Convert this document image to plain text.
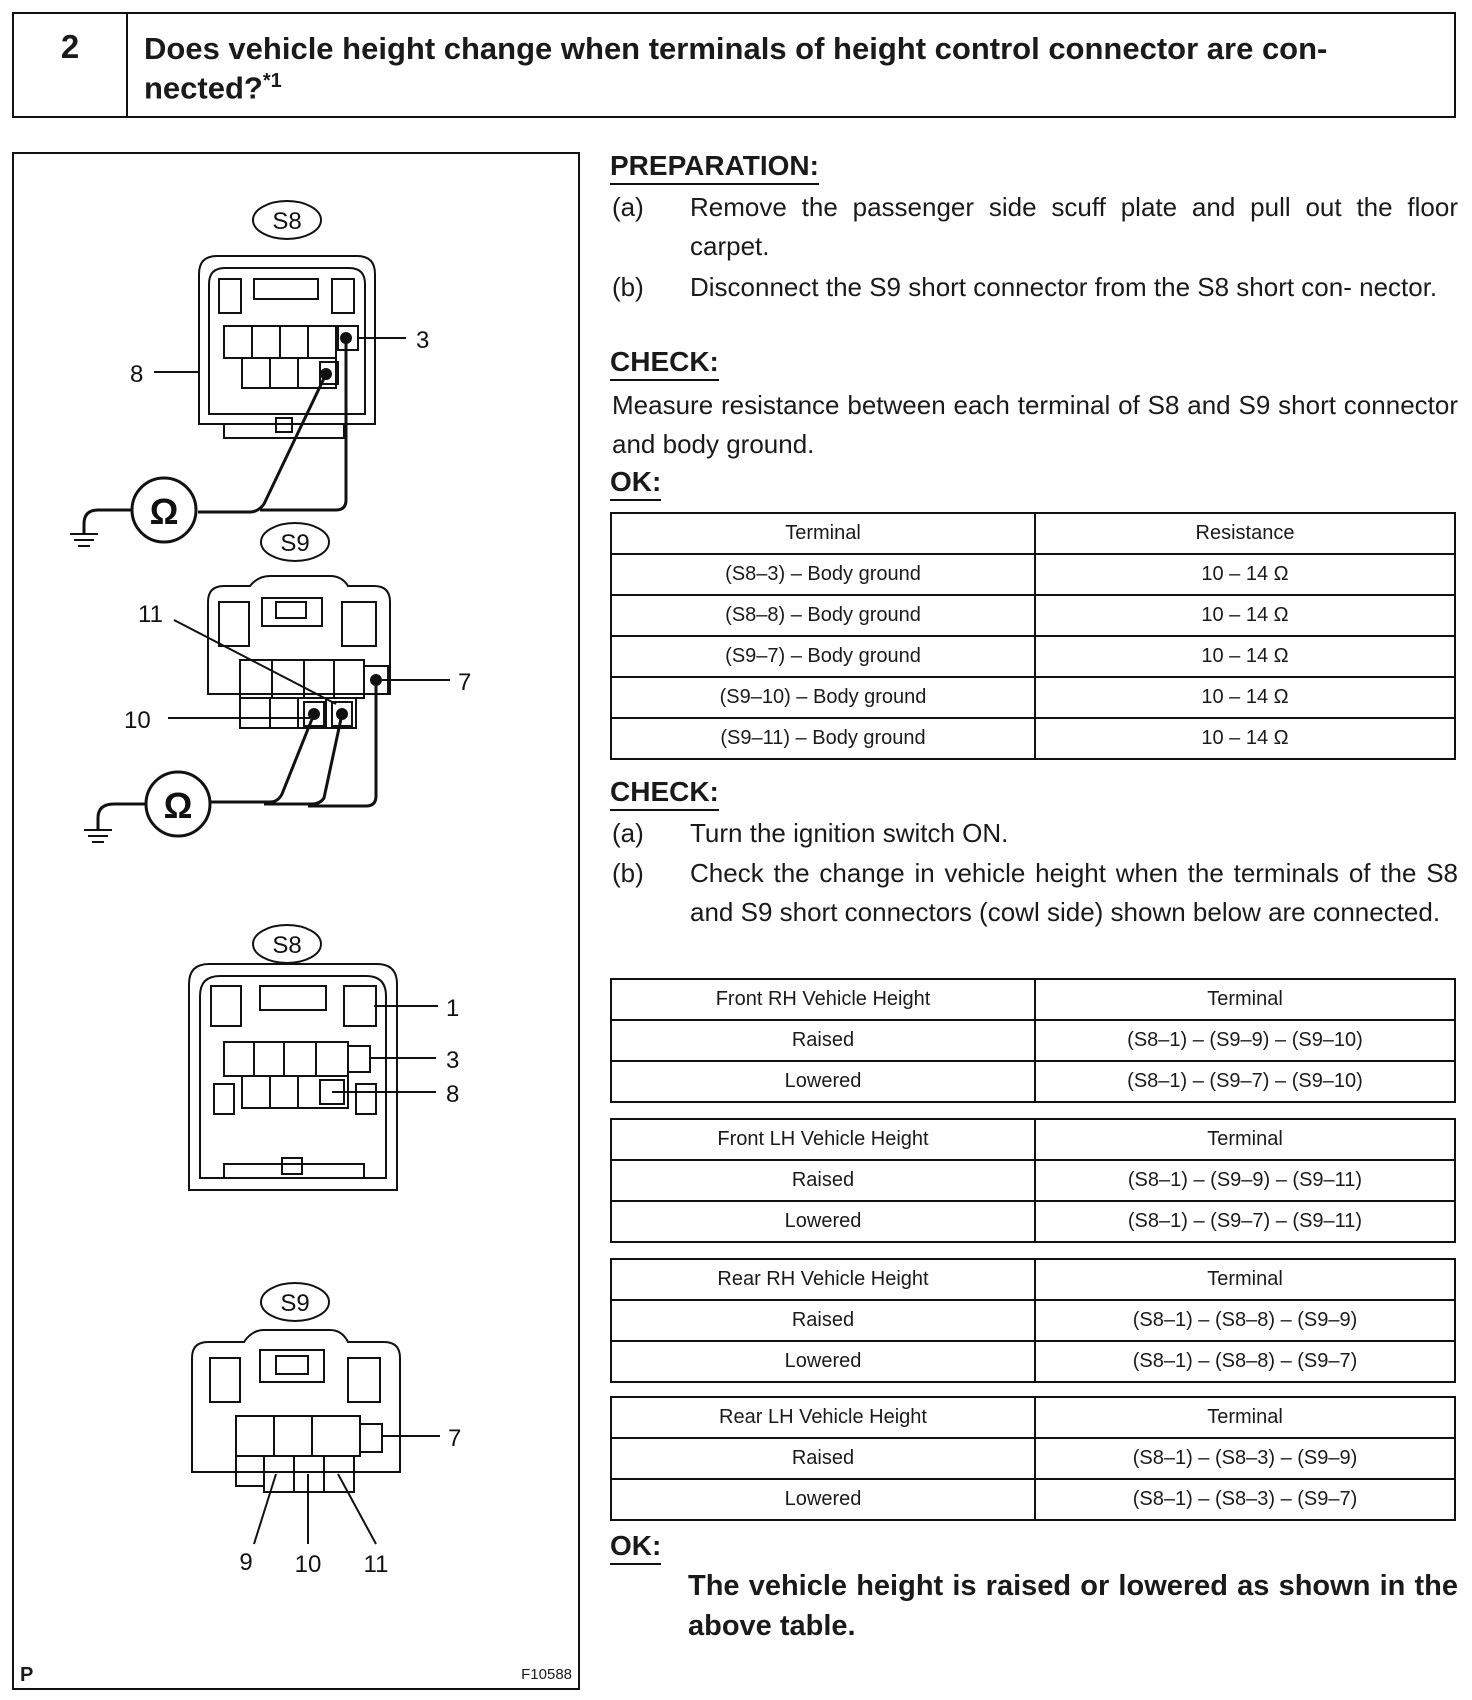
2	Does vehicle height change when terminals of height control connector are con- nected?$^{*1}$
S8
3
8
Ω
S9
11
7
10
Ω
S8
1
3
8
S9
7
9 10 11
P	F10588
PREPARATION:
(a) Remove the passenger side scuff plate and pull out the floor carpet.
(b) Disconnect the S9 short connector from the S8 short con- nector.
CHECK:
Measure resistance between each terminal of S8 and S9 short connector and body ground.
OK:
Terminal	Resistance
(S8–3) – Body ground	10 – 14 Ω
(S8–8) – Body ground	10 – 14 Ω
(S9–7) – Body ground	10 – 14 Ω
(S9–10) – Body ground	10 – 14 Ω
(S9–11) – Body ground	10 – 14 Ω
CHECK:
(a) Turn the ignition switch ON.
(b) Check the change in vehicle height when the terminals of the S8 and S9 short connectors (cowl side) shown below are connected.
Front RH Vehicle Height	Terminal
Raised	(S8–1) – (S9–9) – (S9–10)
Lowered	(S8–1) – (S9–7) – (S9–10)
Front LH Vehicle Height	Terminal
Raised	(S8–1) – (S9–9) – (S9–11)
Lowered	(S8–1) – (S9–7) – (S9–11)
Rear RH Vehicle Height	Terminal
Raised	(S8–1) – (S8–8) – (S9–9)
Lowered	(S8–1) – (S8–8) – (S9–7)
Rear LH Vehicle Height	Terminal
Raised	(S8–1) – (S8–3) – (S9–9)
Lowered	(S8–1) – (S8–3) – (S9–7)
OK:
The vehicle height is raised or lowered as shown in the above table.
